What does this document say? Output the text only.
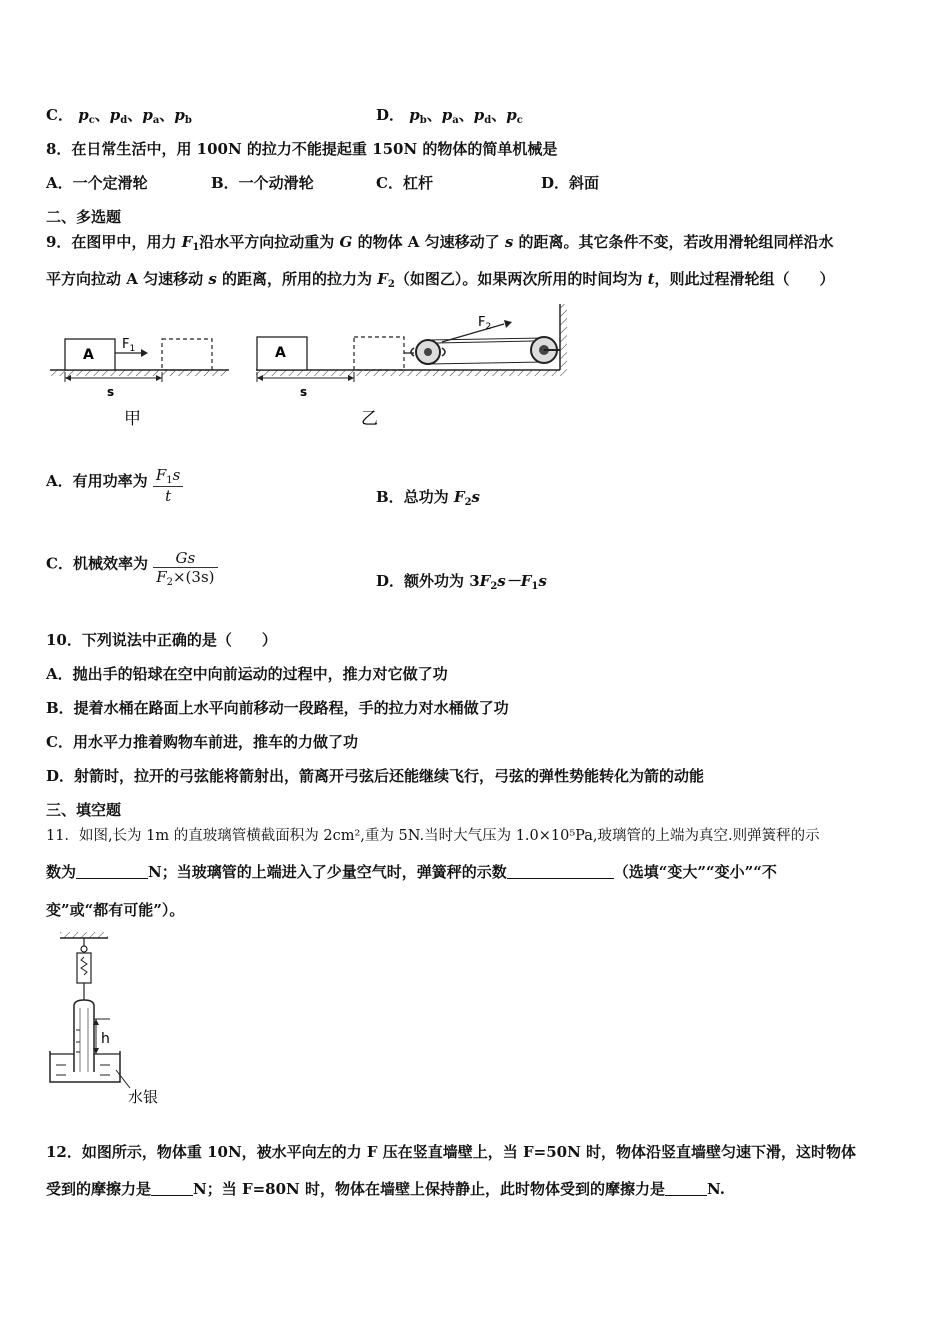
C． $p_c$、$p_d$、$p_a$、$p_b$	D． $p_b$、$p_a$、$p_d$、$p_c$
8．在日常生活中，用 100N 的拉力不能提起重 150N 的物体的简单机械是
A．一个定滑轮	B．一个动滑轮	C．杠杆	D．斜面
二、多选题
9．在图甲中，用力 $F_1$沿水平方向拉动重为 G 的物体 A 匀速移动了 s 的距离。其它条件不变，若改用滑轮组同样沿水
平方向拉动 A 匀速移动 s 的距离，所用的拉力为 $F_2$（如图乙）。如果两次所用的时间均为 t，则此过程滑轮组（　　）
A
$F_1$
s
甲
A
$F_2$
s
乙
A．有用功率为 $\frac{F_1s}{t}$	B．总功为 $F_2s$
C．机械效率为 $\frac{Gs}{F_2\times(3s)}$	D．额外功为 $3F_2s-F_1s$
10．下列说法中正确的是（　　）
A．抛出手的铅球在空中向前运动的过程中，推力对它做了功
B．提着水桶在路面上水平向前移动一段路程，手的拉力对水桶做了功
C．用水平力推着购物车前进，推车的力做了功
D．射箭时，拉开的弓弦能将箭射出，箭离开弓弦后还能继续飞行，弓弦的弹性势能转化为箭的动能
三、填空题
11．如图,长为 1m 的直玻璃管横截面积为 2cm²,重为 5N.当时大气压为 1.0×10⁵Pa,玻璃管的上端为真空.则弹簧秤的示
数为	N；当玻璃管的上端进入了少量空气时，弹簧秤的示数	（选填“变大”“变小”“不
变”或“都有可能”）。
h
水银
12．如图所示，物体重 10N，被水平向左的力 F 压在竖直墙壁上，当 F=50N 时，物体沿竖直墙壁匀速下滑，这时物体
受到的摩擦力是	N；当 F=80N 时，物体在墙壁上保持静止，此时物体受到的摩擦力是	N.
